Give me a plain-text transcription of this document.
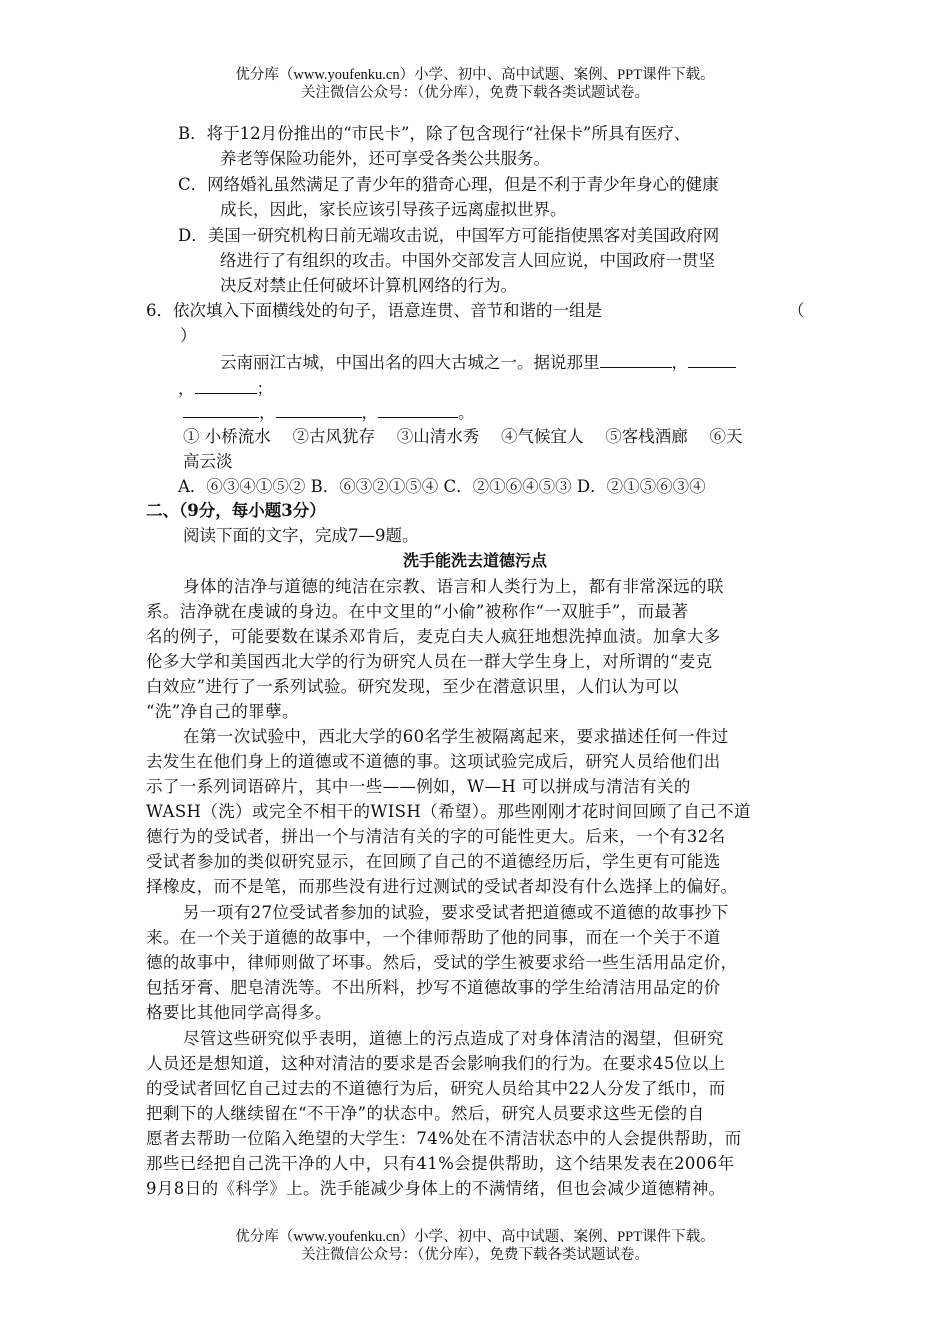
优分库（www.youfenku.cn）小学、初中、高中试题、案例、PPT课件下载。
关注微信公众号：（优分库），免费下载各类试题试卷。
B．将于12月份推出的“市民卡”，除了包含现行“社保卡”所具有医疗、
养老等保险功能外，还可享受各类公共服务。
C．网络婚礼虽然满足了青少年的猎奇心理，但是不利于青少年身心的健康
成长，因此，家长应该引导孩子远离虚拟世界。
D．美国一研究机构日前无端攻击说，中国军方可能指使黑客对美国政府网
络进行了有组织的攻击。中国外交部发言人回应说，中国政府一贯坚
决反对禁止任何破坏计算机网络的行为。
6．依次填入下面横线处的句子，语意连贯、音节和谐的一组是	（
）
云南丽江古城，中国出名的四大古城之一。据说那里	，
，	；
，	，	。
① 小桥流水　 ②古风犹存　 ③山清水秀　 ④气候宜人　 ⑤客栈酒廊　 ⑥天
高云淡
A．⑥③④①⑤② B．⑥③②①⑤④ C．②①⑥④⑤③ D．②①⑤⑥③④
二、（9分，每小题3分）
阅读下面的文字，完成7—9题。
洗手能洗去道德污点
身体的洁净与道德的纯洁在宗教、语言和人类行为上，都有非常深远的联
系。洁净就在虔诚的身边。在中文里的“小偷”被称作“一双脏手”，而最著
名的例子，可能要数在谋杀邓肯后，麦克白夫人疯狂地想洗掉血渍。加拿大多
伦多大学和美国西北大学的行为研究人员在一群大学生身上，对所谓的“麦克
白效应”进行了一系列试验。研究发现，至少在潜意识里，人们认为可以
“洗”净自己的罪孽。
在第一次试验中，西北大学的60名学生被隔离起来，要求描述任何一件过
去发生在他们身上的道德或不道德的事。这项试验完成后，研究人员给他们出
示了一系列词语碎片，其中一些——例如，W—H 可以拼成与清洁有关的
WASH（洗）或完全不相干的WISH（希望）。那些刚刚才花时间回顾了自己不道
德行为的受试者，拼出一个与清洁有关的字的可能性更大。后来，一个有32名
受试者参加的类似研究显示，在回顾了自己的不道德经历后，学生更有可能选
择橡皮，而不是笔，而那些没有进行过测试的受试者却没有什么选择上的偏好。
另一项有27位受试者参加的试验，要求受试者把道德或不道德的故事抄下
来。在一个关于道德的故事中，一个律师帮助了他的同事，而在一个关于不道
德的故事中，律师则做了坏事。然后，受试的学生被要求给一些生活用品定价，
包括牙膏、肥皂清洗等。不出所料，抄写不道德故事的学生给清洁用品定的价
格要比其他同学高得多。
尽管这些研究似乎表明，道德上的污点造成了对身体清洁的渴望，但研究
人员还是想知道，这种对清洁的要求是否会影响我们的行为。在要求45位以上
的受试者回忆自己过去的不道德行为后，研究人员给其中22人分发了纸巾，而
把剩下的人继续留在“不干净”的状态中。然后，研究人员要求这些无偿的自
愿者去帮助一位陷入绝望的大学生：74%处在不清洁状态中的人会提供帮助，而
那些已经把自己洗干净的人中，只有41%会提供帮助，这个结果发表在2006年
9月8日的《科学》上。洗手能减少身体上的不满情绪，但也会减少道德精神。
优分库（www.youfenku.cn）小学、初中、高中试题、案例、PPT课件下载。
关注微信公众号：（优分库），免费下载各类试题试卷。
